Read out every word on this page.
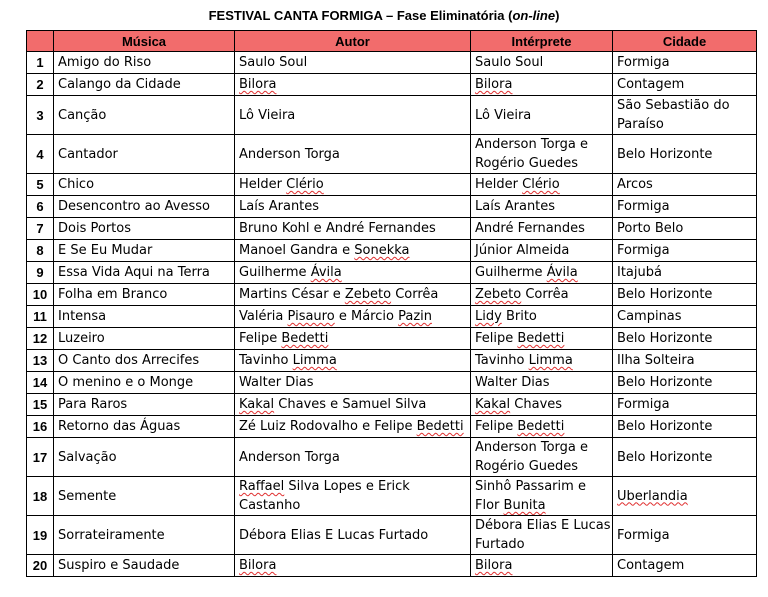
FESTIVAL CANTA FORMIGA – Fase Eliminatória (on-line)
	Música	Autor	Intérprete	Cidade
1	Amigo do Riso	Saulo Soul	Saulo Soul	Formiga
2	Calango da Cidade	Bilora	Bilora	Contagem
3	Canção	Lô Vieira	Lô Vieira	São Sebastião do Paraíso
4	Cantador	Anderson Torga	Anderson Torga e Rogério Guedes	Belo Horizonte
5	Chico	Helder Clério	Helder Clério	Arcos
6	Desencontro ao Avesso	Laís Arantes	Laís Arantes	Formiga
7	Dois Portos	Bruno Kohl e André Fernandes	André Fernandes	Porto Belo
8	E Se Eu Mudar	Manoel Gandra e Sonekka	Júnior Almeida	Formiga
9	Essa Vida Aqui na Terra	Guilherme Ávila	Guilherme Ávila	Itajubá
10	Folha em Branco	Martins César e Zebeto Corrêa	Zebeto Corrêa	Belo Horizonte
11	Intensa	Valéria Pisauro e Márcio Pazin	Lidy Brito	Campinas
12	Luzeiro	Felipe Bedetti	Felipe Bedetti	Belo Horizonte
13	O Canto dos Arrecifes	Tavinho Limma	Tavinho Limma	Ilha Solteira
14	O menino e o Monge	Walter Dias	Walter Dias	Belo Horizonte
15	Para Raros	Kakal Chaves e Samuel Silva	Kakal Chaves	Formiga
16	Retorno das Águas	Zé Luiz Rodovalho e Felipe Bedetti	Felipe Bedetti	Belo Horizonte
17	Salvação	Anderson Torga	Anderson Torga e Rogério Guedes	Belo Horizonte
18	Semente	Raffael Silva Lopes e Erick Castanho	Sinhô Passarim e Flor Bunita	Uberlandia
19	Sorrateiramente	Débora Elias E Lucas Furtado	Débora Elias E Lucas Furtado	Formiga
20	Suspiro e Saudade	Bilora	Bilora	Contagem
